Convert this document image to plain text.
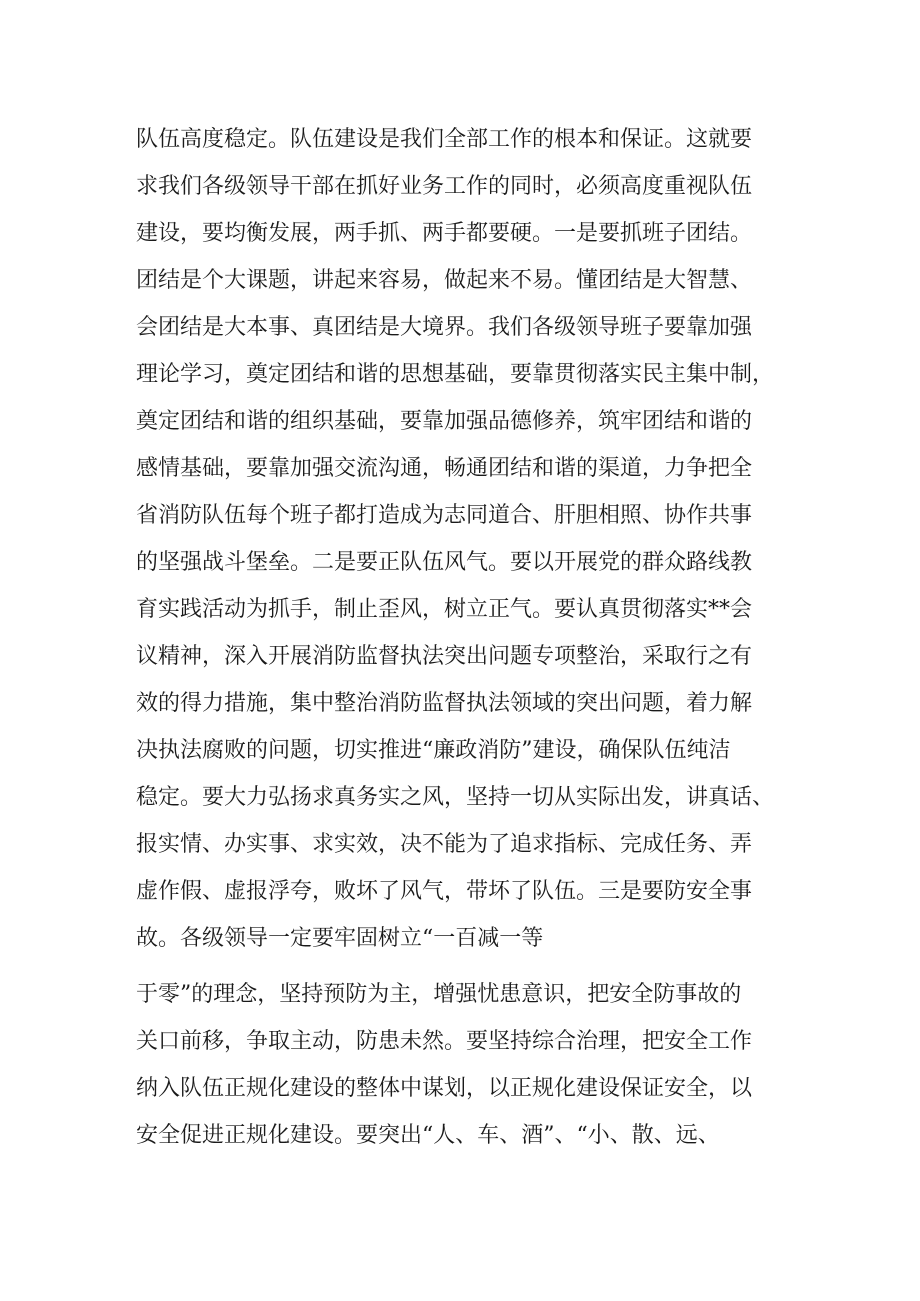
队伍高度稳定。队伍建设是我们全部工作的根本和保证。这就要

求我们各级领导干部在抓好业务工作的同时，必须高度重视队伍

建设，要均衡发展，两手抓、两手都要硬。一是要抓班子团结。

团结是个大课题，讲起来容易，做起来不易。懂团结是大智慧、

会团结是大本事、真团结是大境界。我们各级领导班子要靠加强

理论学习，奠定团结和谐的思想基础，要靠贯彻落实民主集中制，

奠定团结和谐的组织基础，要靠加强品德修养，筑牢团结和谐的

感情基础，要靠加强交流沟通，畅通团结和谐的渠道，力争把全

省消防队伍每个班子都打造成为志同道合、肝胆相照、协作共事

的坚强战斗堡垒。二是要正队伍风气。要以开展党的群众路线教

育实践活动为抓手，制止歪风，树立正气。要认真贯彻落实**会

议精神，深入开展消防监督执法突出问题专项整治，采取行之有

效的得力措施，集中整治消防监督执法领域的突出问题，着力解

决执法腐败的问题，切实推进“廉政消防”建设，确保队伍纯洁

稳定。要大力弘扬求真务实之风，坚持一切从实际出发，讲真话、

报实情、办实事、求实效，决不能为了追求指标、完成任务、弄

虚作假、虚报浮夸，败坏了风气，带坏了队伍。三是要防安全事

故。各级领导一定要牢固树立“一百减一等

于零”的理念，坚持预防为主，增强忧患意识，把安全防事故的

关口前移，争取主动，防患未然。要坚持综合治理，把安全工作

纳入队伍正规化建设的整体中谋划，以正规化建设保证安全，以

安全促进正规化建设。要突出“人、车、酒”、“小、散、远、
